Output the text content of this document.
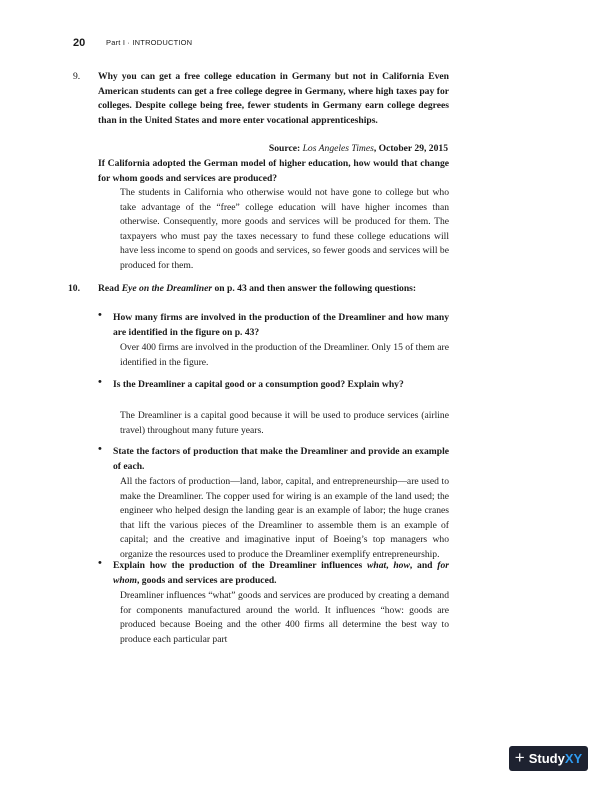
20	Part I · INTRODUCTION
9. Why you can get a free college education in Germany but not in California Even American students can get a free college degree in Germany, where high taxes pay for colleges. Despite college being free, fewer students in Germany earn college degrees than in the United States and more enter vocational apprenticeships.

Source: Los Angeles Times, October 29, 2015

If California adopted the German model of higher education, how would that change for whom goods and services are produced?

The students in California who otherwise would not have gone to college but who take advantage of the “free” college education will have higher incomes than otherwise. Consequently, more goods and services will be produced for them. The taxpayers who must pay the taxes necessary to fund these college educations will have less income to spend on goods and services, so fewer goods and services will be produced for them.

10. Read Eye on the Dreamliner on p. 43 and then answer the following questions:

• How many firms are involved in the production of the Dreamliner and how many are identified in the figure on p. 43?

Over 400 firms are involved in the production of the Dreamliner. Only 15 of them are identified in the figure.

• Is the Dreamliner a capital good or a consumption good? Explain why?

The Dreamliner is a capital good because it will be used to produce services (airline travel) throughout many future years.

• State the factors of production that make the Dreamliner and provide an example of each.

All the factors of production—land, labor, capital, and entrepreneurship—are used to make the Dreamliner. The copper used for wiring is an example of the land used; the engineer who helped design the landing gear is an example of labor; the huge cranes that lift the various pieces of the Dreamliner to assemble them is an example of capital; and the creative and imaginative input of Boeing’s top managers who organize the resources used to produce the Dreamliner exemplify entrepreneurship.

• Explain how the production of the Dreamliner influences what, how, and for whom, goods and services are produced.

Dreamliner influences “what” goods and services are produced by creating a demand for components manufactured around the world. It influences “how: goods are produced because Boeing and the other 400 firms all determine the best way to produce each particular part

+ Study XY
